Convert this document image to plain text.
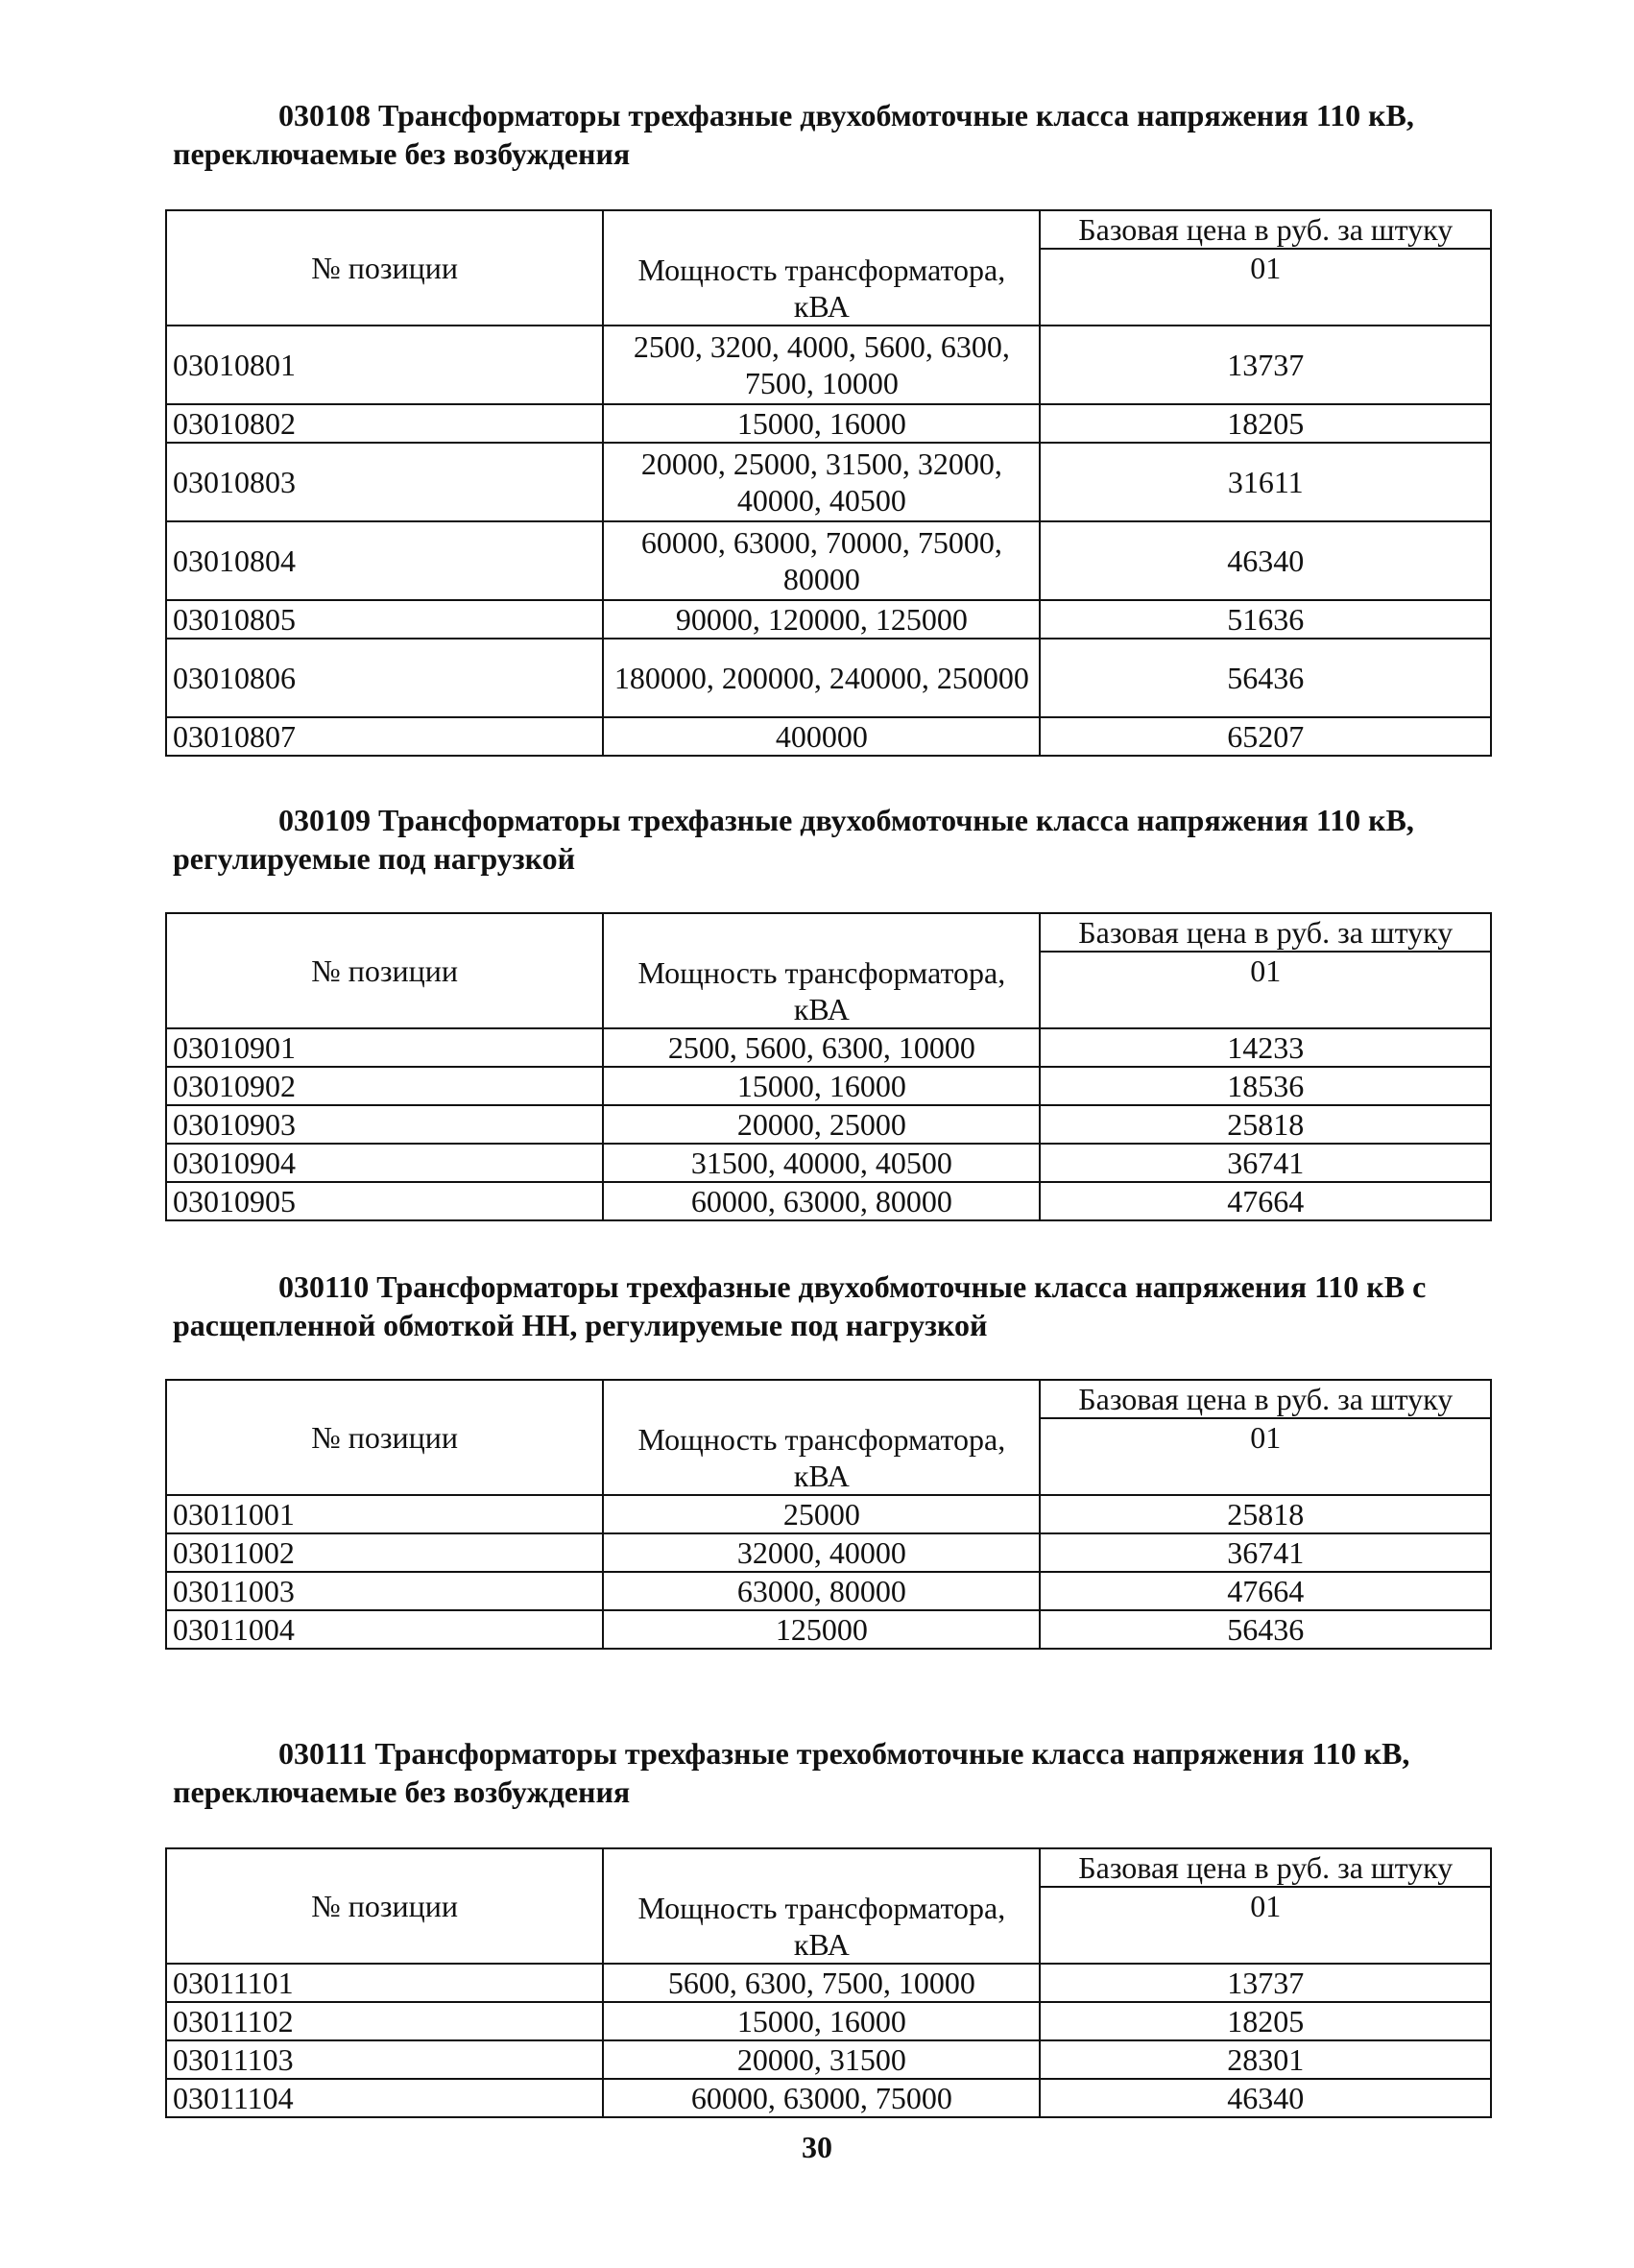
030108 Трансформаторы трехфазные двухобмоточные класса напряжения 110 кВ, переключаемые без возбуждения
№ позиции	Мощность трансформатора, кВА	Базовая цена в руб. за штуку
		01
03010801	2500, 3200, 4000, 5600, 6300, 7500, 10000	13737
03010802	15000, 16000	18205
03010803	20000, 25000, 31500, 32000, 40000, 40500	31611
03010804	60000, 63000, 70000, 75000, 80000	46340
03010805	90000, 120000, 125000	51636
03010806	180000, 200000, 240000, 250000	56436
03010807	400000	65207
030109 Трансформаторы трехфазные двухобмоточные класса напряжения 110 кВ, регулируемые под нагрузкой
№ позиции	Мощность трансформатора, кВА	Базовая цена в руб. за штуку
		01
03010901	2500, 5600, 6300, 10000	14233
03010902	15000, 16000	18536
03010903	20000, 25000	25818
03010904	31500, 40000, 40500	36741
03010905	60000, 63000, 80000	47664
030110 Трансформаторы трехфазные двухобмоточные класса напряжения 110 кВ с расщепленной обмоткой НН, регулируемые под нагрузкой
№ позиции	Мощность трансформатора, кВА	Базовая цена в руб. за штуку
		01
03011001	25000	25818
03011002	32000, 40000	36741
03011003	63000, 80000	47664
03011004	125000	56436
030111 Трансформаторы трехфазные трехобмоточные класса напряжения 110 кВ, переключаемые без возбуждения
№ позиции	Мощность трансформатора, кВА	Базовая цена в руб. за штуку
		01
03011101	5600, 6300, 7500, 10000	13737
03011102	15000, 16000	18205
03011103	20000, 31500	28301
03011104	60000, 63000, 75000	46340
30
